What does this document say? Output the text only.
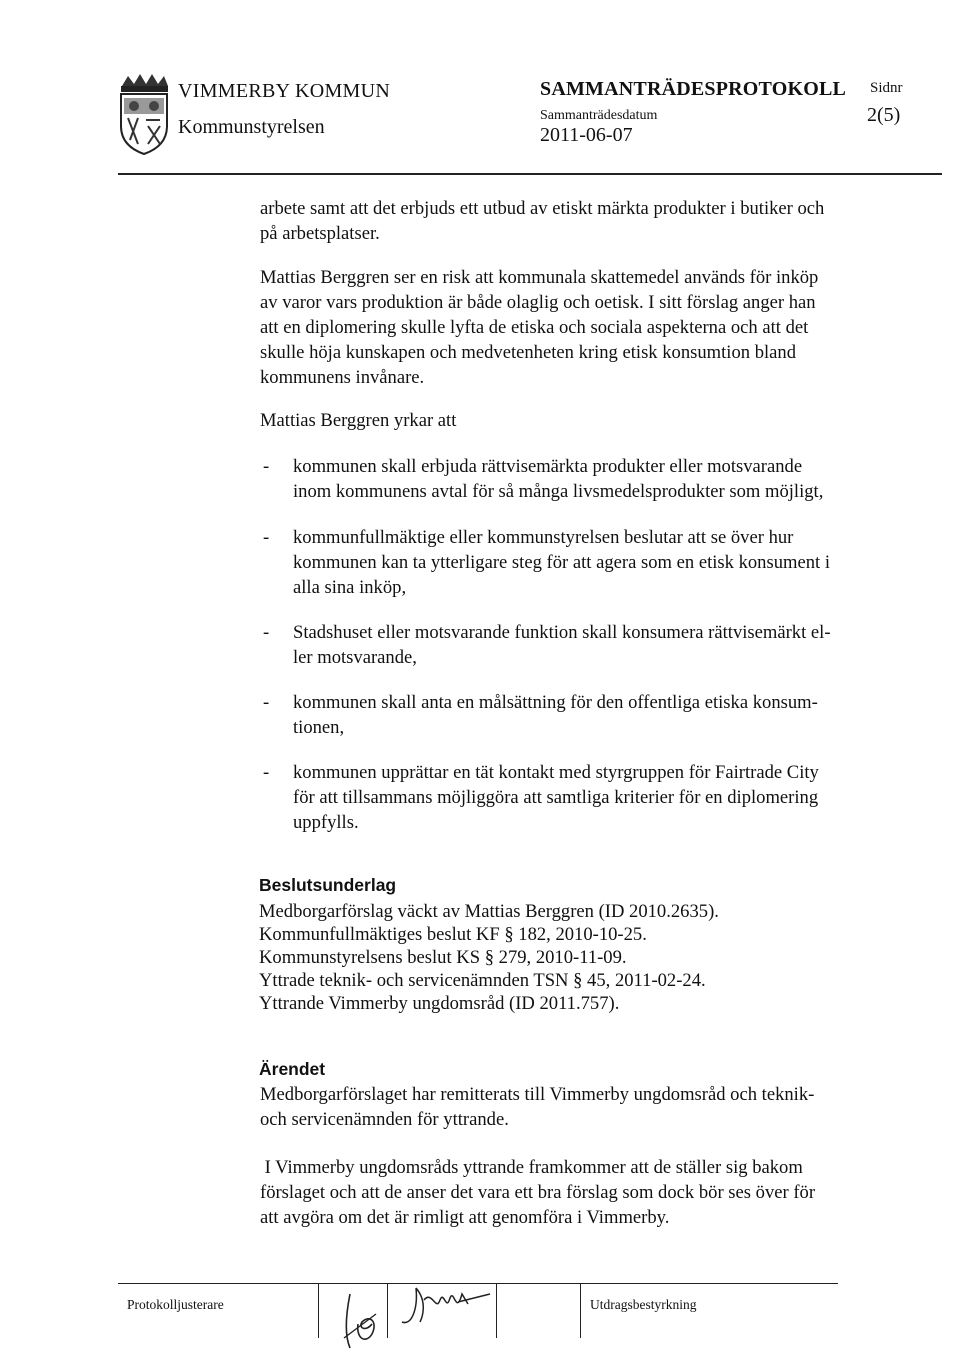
VIMMERBY KOMMUN
Kommunstyrelsen
SAMMANTRÄDESPROTOKOLL
Sammanträdesdatum
2011-06-07
Sidnr
2(5)
arbete samt att det erbjuds ett utbud av etiskt märkta produkter i butiker och
på arbetsplatser.
Mattias Berggren ser en risk att kommunala skattemedel används för inköp
av varor vars produktion är både olaglig och oetisk. I sitt förslag anger han
att en diplomering skulle lyfta de etiska och sociala aspekterna och att det
skulle höja kunskapen och medvetenheten kring etisk konsumtion bland
kommunens invånare.
Mattias Berggren yrkar att
- kommunen skall erbjuda rättvisemärkta produkter eller motsvarande
inom kommunens avtal för så många livsmedelsprodukter som möjligt,
- kommunfullmäktige eller kommunstyrelsen beslutar att se över hur
kommunen kan ta ytterligare steg för att agera som en etisk konsument i
alla sina inköp,
- Stadshuset eller motsvarande funktion skall konsumera rättvisemärkt el-
ler motsvarande,
- kommunen skall anta en målsättning för den offentliga etiska konsum-
tionen,
- kommunen upprättar en tät kontakt med styrgruppen för Fairtrade City
för att tillsammans möjliggöra att samtliga kriterier för en diplomering
uppfylls.
Beslutsunderlag
Medborgarförslag väckt av Mattias Berggren (ID 2010.2635).
Kommunfullmäktiges beslut KF § 182, 2010-10-25.
Kommunstyrelsens beslut KS § 279, 2010-11-09.
Yttrade teknik- och servicenämnden TSN § 45, 2011-02-24.
Yttrande Vimmerby ungdomsråd (ID 2011.757).
Ärendet
Medborgarförslaget har remitterats till Vimmerby ungdomsråd och teknik-
och servicenämnden för yttrande.
I Vimmerby ungdomsråds yttrande framkommer att de ställer sig bakom
förslaget och att de anser det vara ett bra förslag som dock bör ses över för
att avgöra om det är rimligt att genomföra i Vimmerby.
Protokolljusterare	Utdragsbestyrkning
